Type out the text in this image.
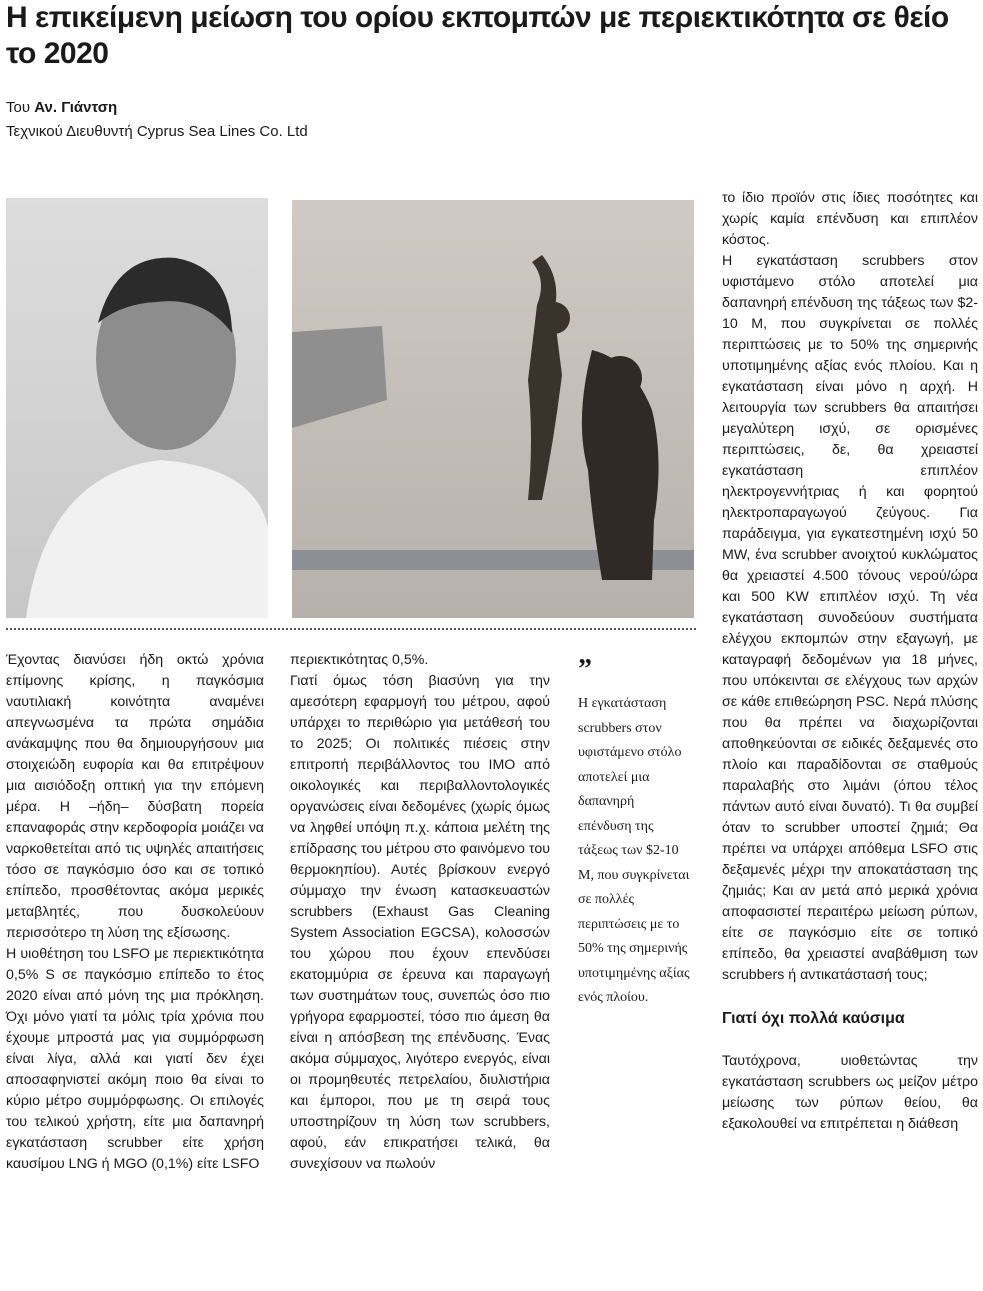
Η επικείμενη μείωση του ορίου εκπομπών με περιεκτικότητα σε θείο το 2020
Του Αν. Γιάντση
Τεχνικού Διευθυντή Cyprus Sea Lines Co. Ltd

Έχοντας διανύσει ήδη οκτώ χρόνια επίμονης κρίσης, η παγκόσμια ναυτιλιακή κοινότητα αναμένει απεγνωσμένα τα πρώτα σημάδια ανάκαμψης που θα δημιουργήσουν μια στοιχειώδη ευφορία και θα επιτρέψουν μια αισιόδοξη οπτική για την επόμενη μέρα. Η –ήδη– δύσβατη πορεία επαναφοράς στην κερδοφορία μοιάζει να ναρκοθετείται από τις υψηλές απαιτήσεις τόσο σε παγκόσμιο όσο και σε τοπικό επίπεδο, προσθέτοντας ακόμα μερικές μεταβλητές, που δυσκολεύουν περισσότερο τη λύση της εξίσωσης.

Η υιοθέτηση του LSFO με περιεκτικότητα 0,5% S σε παγκόσμιο επίπεδο το έτος 2020 είναι από μόνη της μια πρόκληση. Όχι μόνο γιατί τα μόλις τρία χρόνια που έχουμε μπροστά μας για συμμόρφωση είναι λίγα, αλλά και γιατί δεν έχει αποσαφηνιστεί ακόμη ποιο θα είναι το κύριο μέτρο συμμόρφωσης. Οι επιλογές του τελικού χρήστη, είτε μια δαπανηρή εγκατάσταση scrubber είτε χρήση καυσίμου LNG ή MGO (0,1%) είτε LSFO

περιεκτικότητας 0,5%.

Γιατί όμως τόση βιασύνη για την αμεσότερη εφαρμογή του μέτρου, αφού υπάρχει το περιθώριο για μετάθεσή του το 2025; Οι πολιτικές πιέσεις στην επιτροπή περιβάλλοντος του IMO από οικολογικές και περιβαλλοντολογικές οργανώσεις είναι δεδομένες (χωρίς όμως να ληφθεί υπόψη π.χ. κάποια μελέτη της επίδρασης του μέτρου στο φαινόμενο του θερμοκηπίου). Αυτές βρίσκουν ενεργό σύμμαχο την ένωση κατασκευαστών scrubbers (Exhaust Gas Cleaning System Association EGCSA), κολοσσών του χώρου που έχουν επενδύσει εκατομμύρια σε έρευνα και παραγωγή των συστημάτων τους, συνεπώς όσο πιο γρήγορα εφαρμοστεί, τόσο πιο άμεση θα είναι η απόσβεση της επένδυσης. Ένας ακόμα σύμμαχος, λιγότερο ενεργός, είναι οι προμηθευτές πετρελαίου, διυλιστήρια και έμποροι, που με τη σειρά τους υποστηρίζουν τη λύση των scrubbers, αφού, εάν επικρατήσει τελικά, θα συνεχίσουν να πωλούν

”
Η εγκατάσταση scrubbers στον υφιστάμενο στόλο αποτελεί μια δαπανηρή επένδυση της τάξεως των $2-10 Μ, που συγκρίνεται σε πολλές περιπτώσεις με το 50% της σημερινής υποτιμημένης αξίας ενός πλοίου.

το ίδιο προϊόν στις ίδιες ποσότητες και χωρίς καμία επένδυση και επιπλέον κόστος.

Η εγκατάσταση scrubbers στον υφιστάμενο στόλο αποτελεί μια δαπανηρή επένδυση της τάξεως των $2-10 Μ, που συγκρίνεται σε πολλές περιπτώσεις με το 50% της σημερινής υποτιμημένης αξίας ενός πλοίου. Και η εγκατάσταση είναι μόνο η αρχή. Η λειτουργία των scrubbers θα απαιτήσει μεγαλύτερη ισχύ, σε ορισμένες περιπτώσεις, δε, θα χρειαστεί εγκατάσταση επιπλέον ηλεκτρογεννήτριας ή και φορητού ηλεκτροπαραγωγού ζεύγους. Για παράδειγμα, για εγκατεστημένη ισχύ 50 MW, ένα scrubber ανοιχτού κυκλώματος θα χρειαστεί 4.500 τόνους νερού/ώρα και 500 KW επιπλέον ισχύ. Τη νέα εγκατάσταση συνοδεύουν συστήματα ελέγχου εκπομπών στην εξαγωγή, με καταγραφή δεδομένων για 18 μήνες, που υπόκεινται σε ελέγχους των αρχών σε κάθε επιθεώρηση PSC. Νερά πλύσης που θα πρέπει να διαχωρίζονται αποθηκεύονται σε ειδικές δεξαμενές στο πλοίο και παραδίδονται σε σταθμούς παραλαβής στο λιμάνι (όπου τέλος πάντων αυτό είναι δυνατό). Τι θα συμβεί όταν το scrubber υποστεί ζημιά; Θα πρέπει να υπάρχει απόθεμα LSFO στις δεξαμενές μέχρι την αποκατάσταση της ζημιάς; Και αν μετά από μερικά χρόνια αποφασιστεί περαιτέρω μείωση ρύπων, είτε σε παγκόσμιο είτε σε τοπικό επίπεδο, θα χρειαστεί αναβάθμιση των scrubbers ή αντικατάστασή τους;

Γιατί όχι πολλά καύσιμα

Ταυτόχρονα, υιοθετώντας την εγκατάσταση scrubbers ως μείζον μέτρο μείωσης των ρύπων θείου, θα εξακολουθεί να επιτρέπεται η διάθεση
